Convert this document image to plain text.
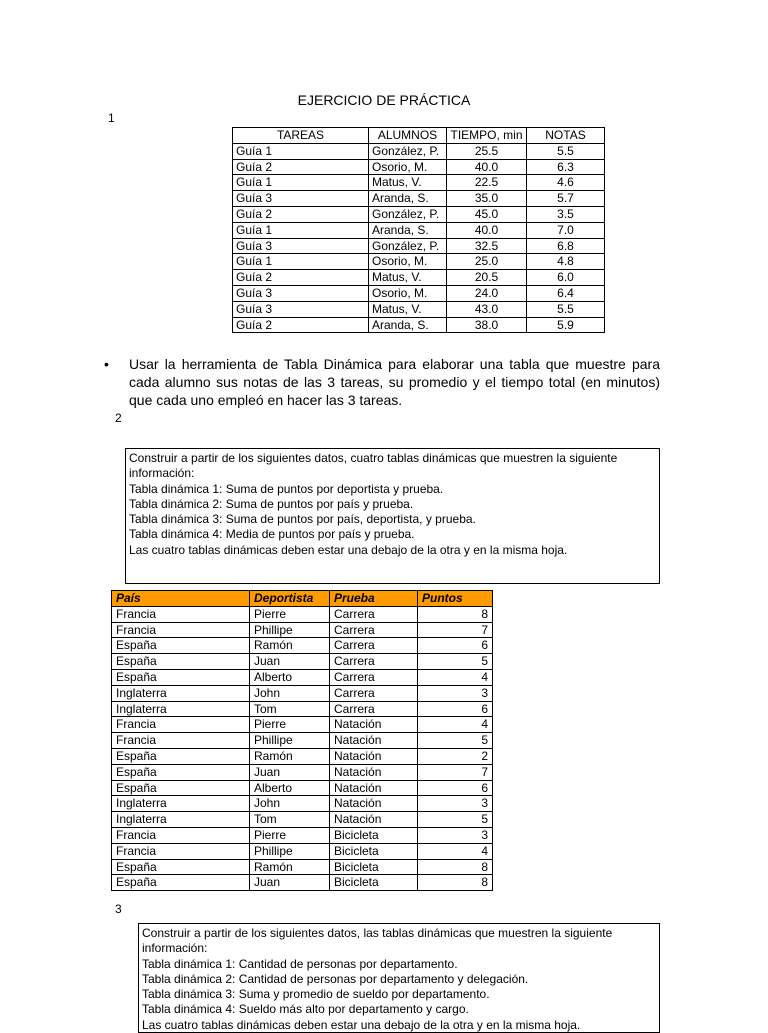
EJERCICIO DE PRÁCTICA
1
TAREAS	ALUMNOS	TIEMPO, min	NOTAS
Guía 1	González, P.	25.5	5.5
Guía 2	Osorio, M.	40.0	6.3
Guía 1	Matus, V.	22.5	4.6
Guía 3	Aranda, S.	35.0	5.7
Guía 2	González, P.	45.0	3.5
Guía 1	Aranda, S.	40.0	7.0
Guía 3	González, P.	32.5	6.8
Guía 1	Osorio, M.	25.0	4.8
Guía 2	Matus, V.	20.5	6.0
Guía 3	Osorio, M.	24.0	6.4
Guía 3	Matus, V.	43.0	5.5
Guía 2	Aranda, S.	38.0	5.9
• Usar la herramienta de Tabla Dinámica para elaborar una tabla que muestre para cada alumno sus notas de las 3 tareas, su promedio y el tiempo total (en minutos) que cada uno empleó en hacer las 3 tareas.
2
Construir a partir de los siguientes datos, cuatro tablas dinámicas que muestren la siguiente
información:
Tabla dinámica 1: Suma de puntos por deportista y prueba.
Tabla dinámica 2: Suma de puntos por país y prueba.
Tabla dinámica 3: Suma de puntos por país, deportista, y prueba.
Tabla dinámica 4: Media de puntos por país y prueba.
Las cuatro tablas dinámicas deben estar una debajo de la otra y en la misma hoja.
País	Deportista	Prueba	Puntos
Francia	Pierre	Carrera	8
Francia	Phillipe	Carrera	7
España	Ramón	Carrera	6
España	Juan	Carrera	5
España	Alberto	Carrera	4
Inglaterra	John	Carrera	3
Inglaterra	Tom	Carrera	6
Francia	Pierre	Natación	4
Francia	Phillipe	Natación	5
España	Ramón	Natación	2
España	Juan	Natación	7
España	Alberto	Natación	6
Inglaterra	John	Natación	3
Inglaterra	Tom	Natación	5
Francia	Pierre	Bicicleta	3
Francia	Phillipe	Bicicleta	4
España	Ramón	Bicicleta	8
España	Juan	Bicicleta	8
3
Construir a partir de los siguientes datos, las tablas dinámicas que muestren la siguiente
información:
Tabla dinámica 1: Cantidad de personas por departamento.
Tabla dinámica 2: Cantidad de personas por departamento y delegación.
Tabla dinámica 3: Suma y promedio de sueldo por departamento.
Tabla dinámica 4: Sueldo más alto por departamento y cargo.
Las cuatro tablas dinámicas deben estar una debajo de la otra y en la misma hoja.
